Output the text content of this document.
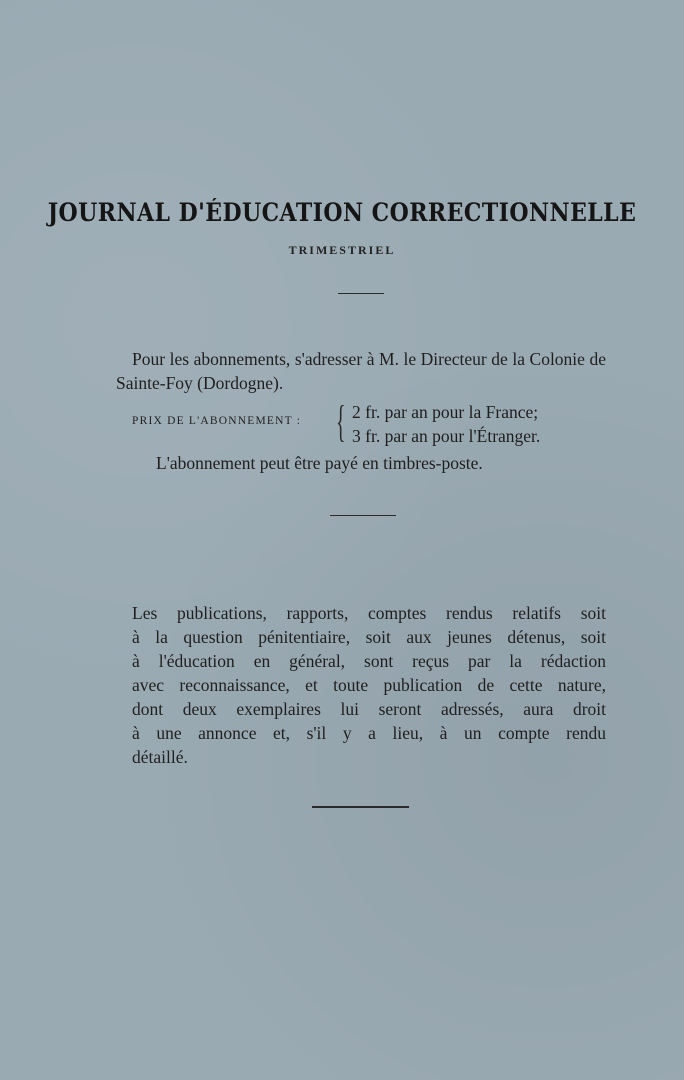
JOURNAL D'ÉDUCATION CORRECTIONNELLE
TRIMESTRIEL
Pour les abonnements, s'adresser à M. le Directeur de la Colonie de Sainte-Foy (Dordogne).
PRIX DE L'ABONNEMENT : { 2 fr. par an pour la France;
3 fr. par an pour l'Étranger.
L'abonnement peut être payé en timbres-poste.
Les publications, rapports, comptes rendus relatifs soit
à la question pénitentiaire, soit aux jeunes détenus, soit
à l'éducation en général, sont reçus par la rédaction
avec reconnaissance, et toute publication de cette nature,
dont deux exemplaires lui seront adressés, aura droit
à une annonce et, s'il y a lieu, à un compte rendu
détaillé.
